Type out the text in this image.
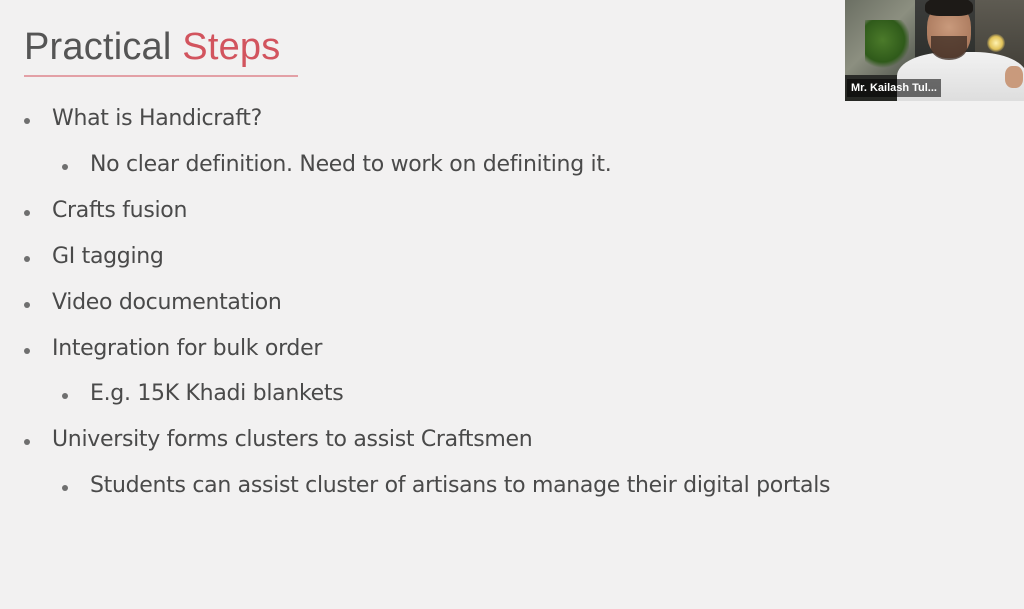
Practical Steps
What is Handicraft?
No clear definition. Need to work on definiting it.
Crafts fusion
GI tagging
Video documentation
Integration for bulk order
E.g. 15K Khadi blankets
University forms clusters to assist Craftsmen
Students can assist cluster of artisans to manage their digital portals
Mr. Kailash Tul...
